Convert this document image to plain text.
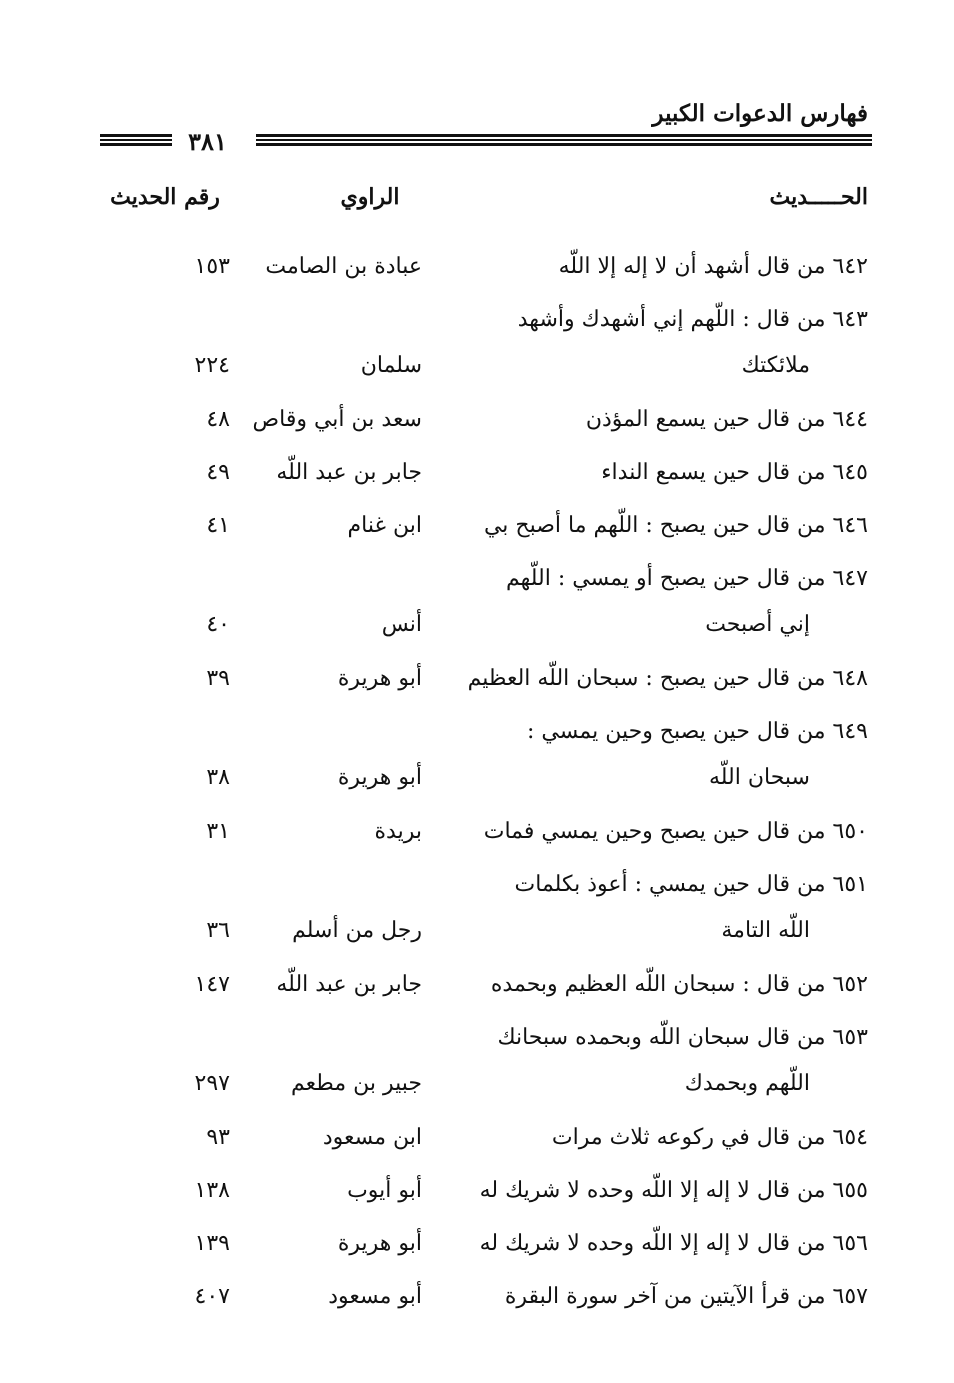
فهارس الدعوات الكبير
٣٨١
الحـــــديث
الراوي
رقم الحديث
٦٤٢ من قال أشهد أن لا إله إلا اللّه
عبادة بن الصامت
١٥٣
٦٤٣ من قال : اللّهم إني أشهدك وأشهد
ملائكتك
سلمان
٢٢٤
٦٤٤ من قال حين يسمع المؤذن
سعد بن أبي وقاص
٤٨
٦٤٥ من قال حين يسمع النداء
جابر بن عبد اللّه
٤٩
٦٤٦ من قال حين يصبح : اللّهم ما أصبح بي
ابن غنام
٤١
٦٤٧ من قال حين يصبح أو يمسي : اللّهم
إني أصبحت
أنس
٤٠
٦٤٨ من قال حين يصبح : سبحان اللّه العظيم
أبو هريرة
٣٩
٦٤٩ من قال حين يصبح وحين يمسي :
سبحان اللّه
أبو هريرة
٣٨
٦٥٠ من قال حين يصبح وحين يمسي فمات
بريدة
٣١
٦٥١ من قال حين يمسي : أعوذ بكلمات
اللّه التامة
رجل من أسلم
٣٦
٦٥٢ من قال : سبحان اللّه العظيم وبحمده
جابر بن عبد اللّه
١٤٧
٦٥٣ من قال سبحان اللّه وبحمده سبحانك
اللّهم وبحمدك
جبير بن مطعم
٢٩٧
٦٥٤ من قال في ركوعه ثلاث مرات
ابن مسعود
٩٣
٦٥٥ من قال لا إله إلا اللّه وحده لا شريك له
أبو أيوب
١٣٨
٦٥٦ من قال لا إله إلا اللّه وحده لا شريك له
أبو هريرة
١٣٩
٦٥٧ من قرأ الآيتين من آخر سورة البقرة
أبو مسعود
٤٠٧
